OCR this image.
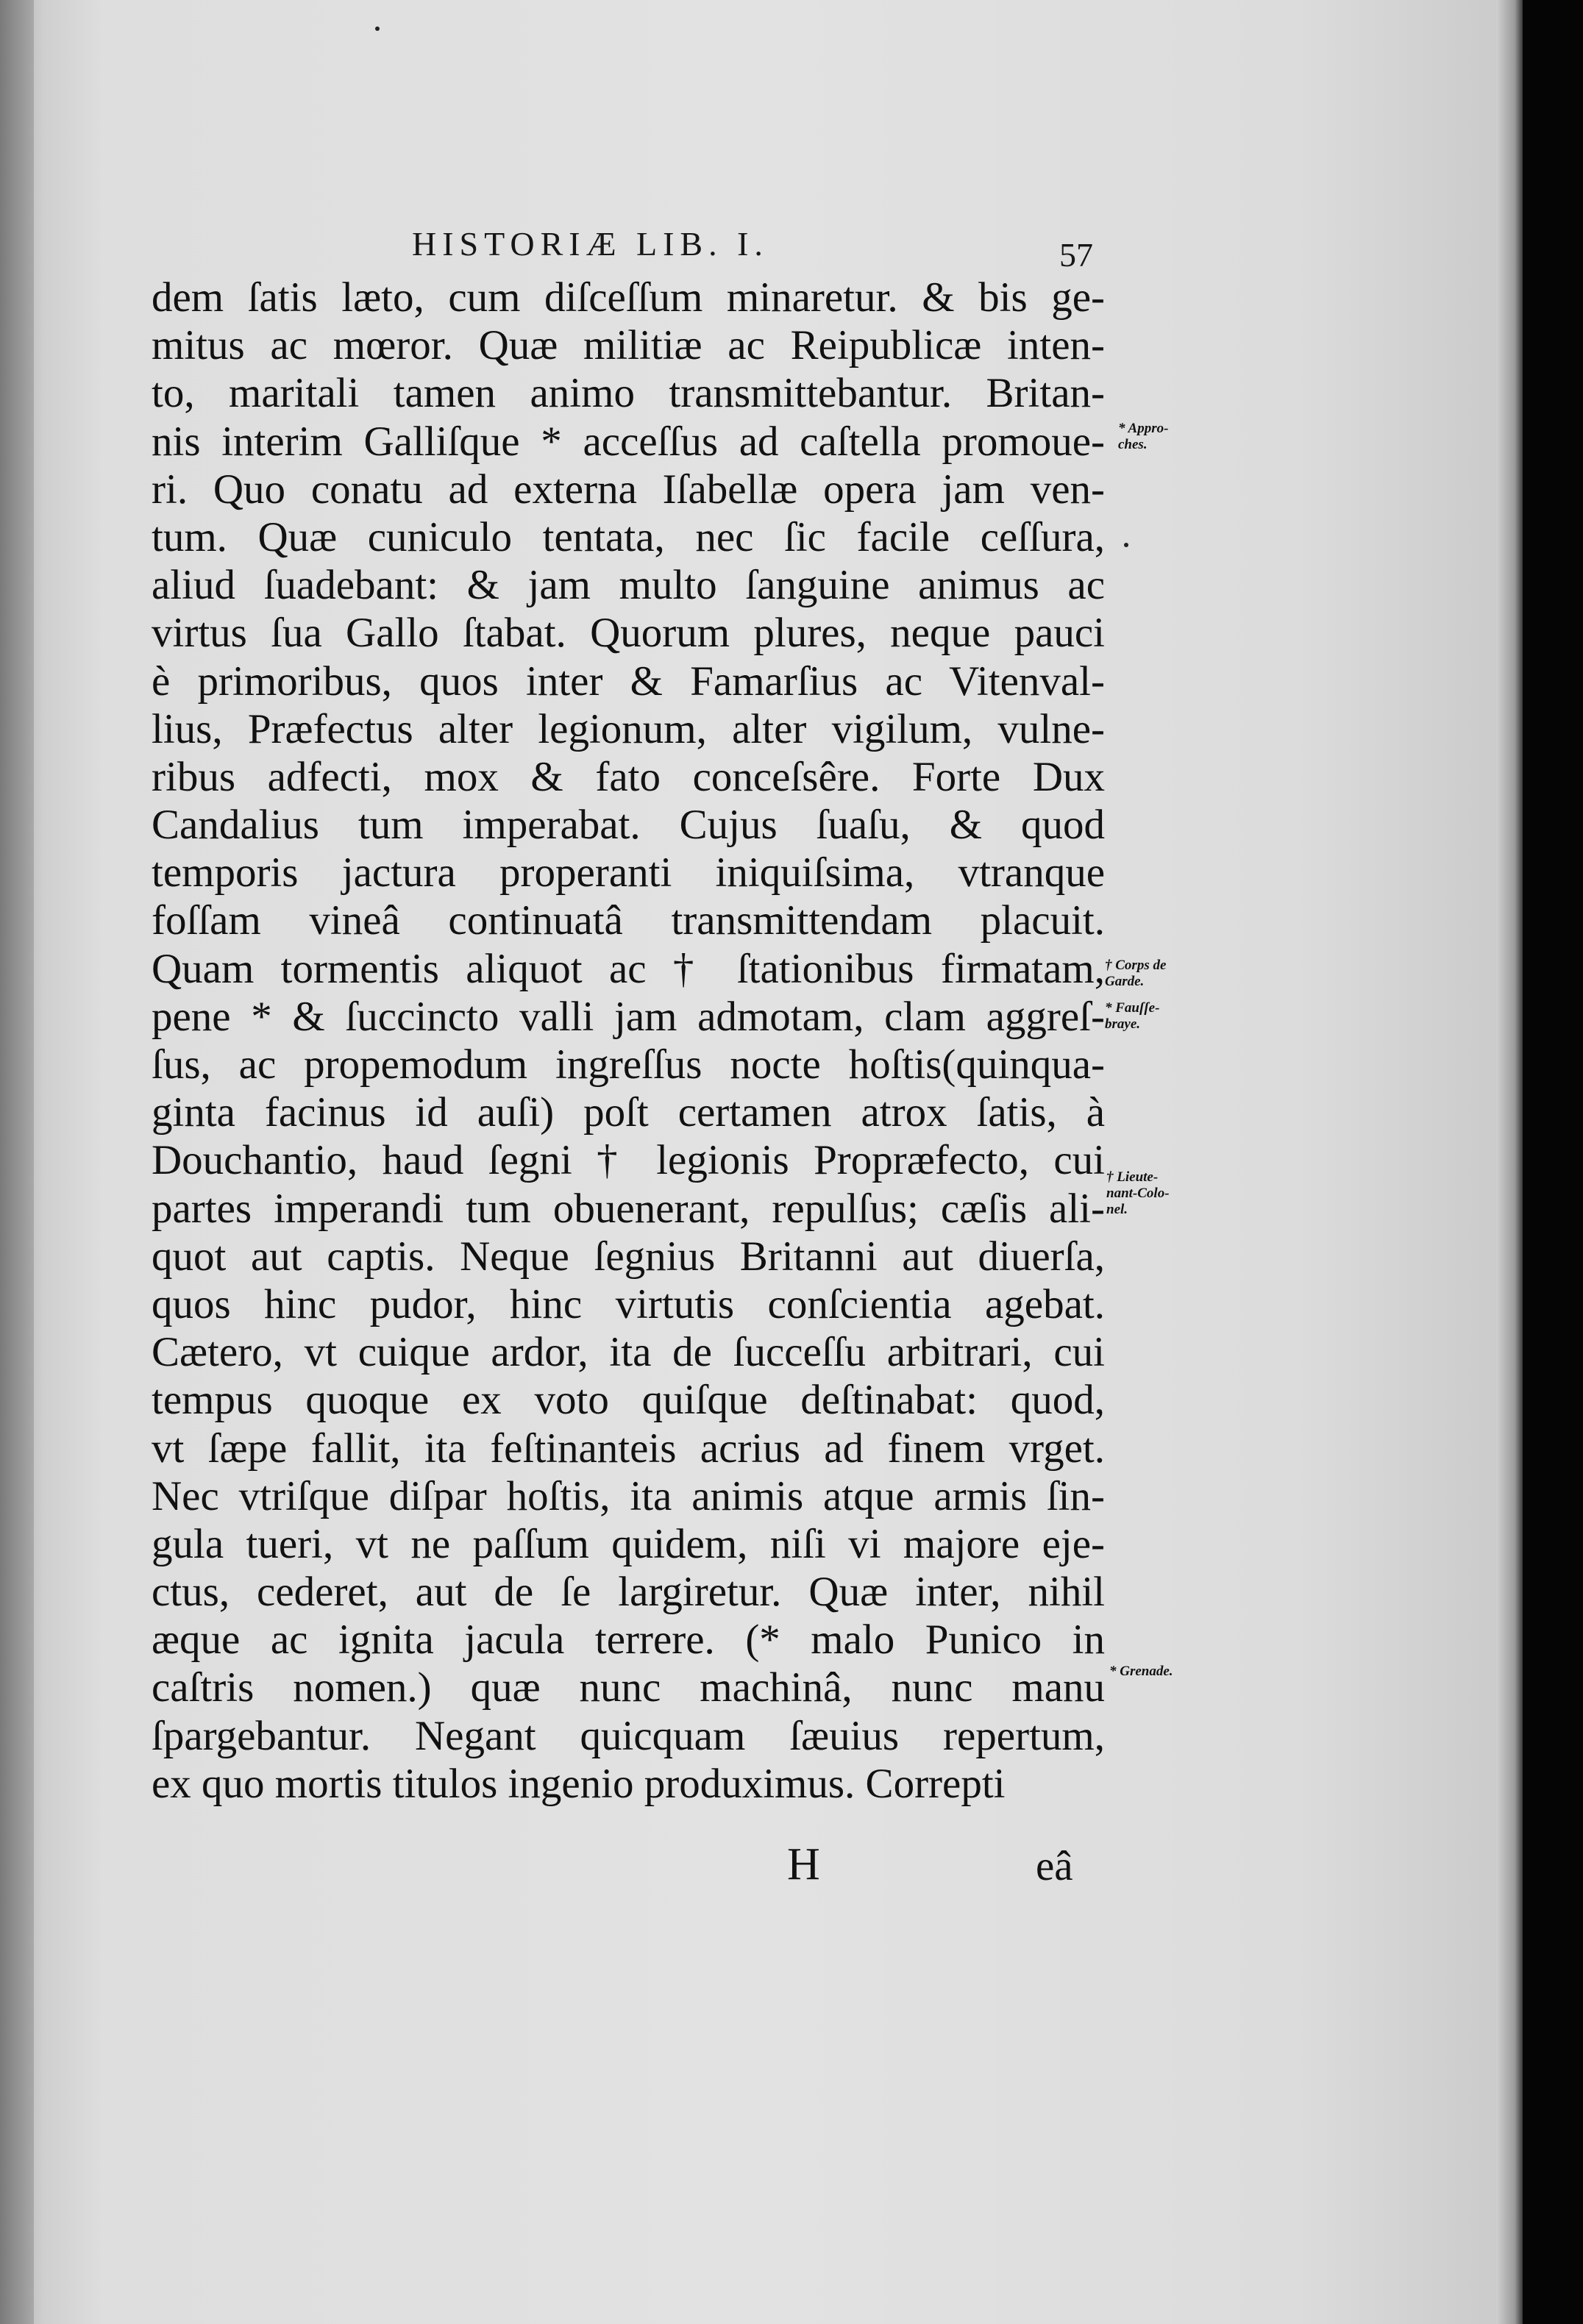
HISTORIÆ LIB. I.	57
dem ſatis læto, cum diſceſſum minaretur. & bis ge-
mitus ac mœror. Quæ militiæ ac Reipublicæ inten-
to, maritali tamen animo transmittebantur. Britan-
nis interim Galliſque * acceſſus ad caſtella promoue-
ri. Quo conatu ad externa Iſabellæ opera jam ven-
tum. Quæ cuniculo tentata, nec ſic facile ceſſura,
aliud ſuadebant: & jam multo ſanguine animus ac
virtus ſua Gallo ſtabat. Quorum plures, neque pauci
è primoribus, quos inter & Famarſius ac Vitenval-
lius, Præfectus alter legionum, alter vigilum, vulne-
ribus adfecti, mox & fato conceſsêre. Forte Dux
Candalius tum imperabat. Cujus ſuaſu, & quod
temporis jactura properanti iniquiſsima, vtranque
foſſam vineâ continuatâ transmittendam placuit.
Quam tormentis aliquot ac † ſtationibus firmatam,
pene * & ſuccincto valli jam admotam, clam aggreſ-
ſus, ac propemodum ingreſſus nocte hoſtis(quinqua-
ginta facinus id auſi) poſt certamen atrox ſatis, à
Douchantio, haud ſegni † legionis Propræfecto, cui
partes imperandi tum obuenerant, repulſus; cæſis ali-
quot aut captis. Neque ſegnius Britanni aut diuerſa,
quos hinc pudor, hinc virtutis conſcientia agebat.
Cætero, vt cuique ardor, ita de ſucceſſu arbitrari, cui
tempus quoque ex voto quiſque deſtinabat: quod,
vt ſæpe fallit, ita feſtinanteis acrius ad finem vrget.
Nec vtriſque diſpar hoſtis, ita animis atque armis ſin-
gula tueri, vt ne paſſum quidem, niſi vi majore eje-
ctus, cederet, aut de ſe largiretur. Quæ inter, nihil
æque ac ignita jacula terrere. (* malo Punico in
caſtris nomen.) quæ nunc machinâ, nunc manu
ſpargebantur. Negant quicquam ſæuius repertum,
ex quo mortis titulos ingenio produximus. Correpti
* Appro-
ches.
† Corps de
Garde.
* Fauſſe-
braye.
† Lieute-
nant-Colo-
nel.
* Grenade.
H	eâ
